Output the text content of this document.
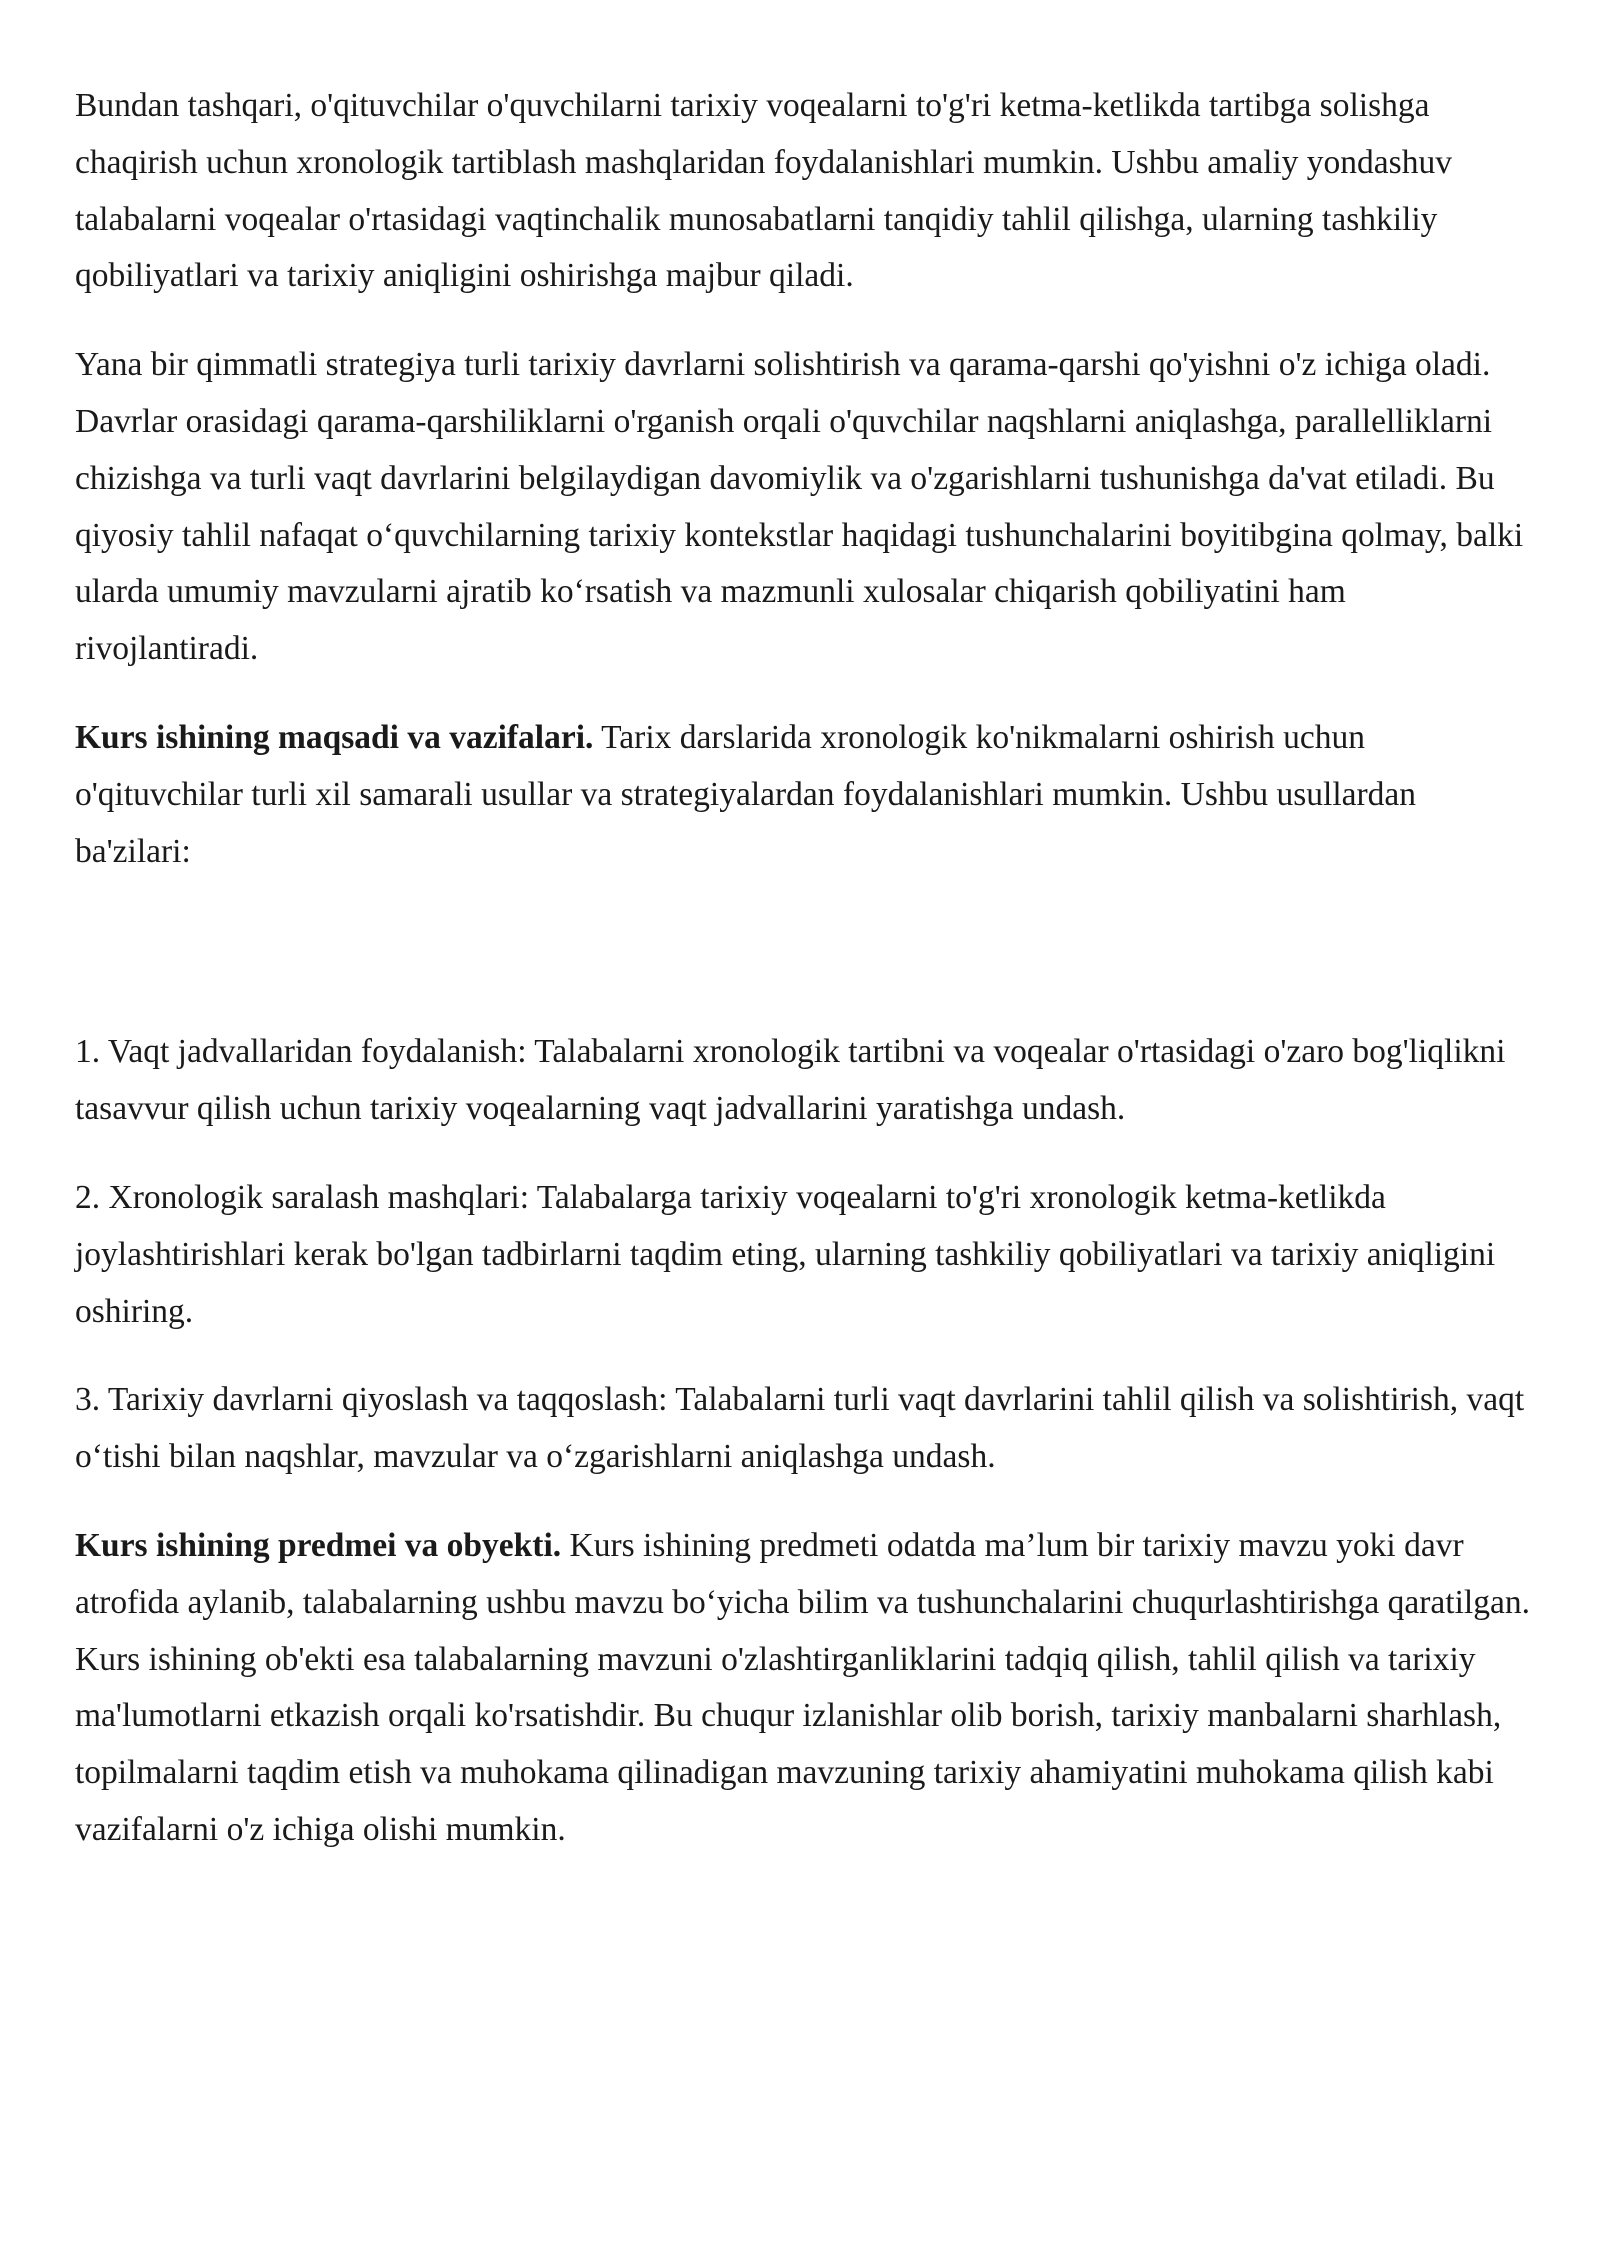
Bundan tashqari, o'qituvchilar o'quvchilarni tarixiy voqealarni to'g'ri ketma-ketlikda tartibga solishga chaqirish uchun xronologik tartiblash mashqlaridan foydalanishlari mumkin. Ushbu amaliy yondashuv talabalarni voqealar o'rtasidagi vaqtinchalik munosabatlarni tanqidiy tahlil qilishga, ularning tashkiliy qobiliyatlari va tarixiy aniqligini oshirishga majbur qiladi.

Yana bir qimmatli strategiya turli tarixiy davrlarni solishtirish va qarama-qarshi qo'yishni o'z ichiga oladi. Davrlar orasidagi qarama-qarshiliklarni o'rganish orqali o'quvchilar naqshlarni aniqlashga, parallelliklarni chizishga va turli vaqt davrlarini belgilaydigan davomiylik va o'zgarishlarni tushunishga da'vat etiladi. Bu qiyosiy tahlil nafaqat o‘quvchilarning tarixiy kontekstlar haqidagi tushunchalarini boyitibgina qolmay, balki ularda umumiy mavzularni ajratib ko‘rsatish va mazmunli xulosalar chiqarish qobiliyatini ham rivojlantiradi.

Kurs ishining maqsadi va vazifalari. Tarix darslarida xronologik ko'nikmalarni oshirish uchun o'qituvchilar turli xil samarali usullar va strategiyalardan foydalanishlari mumkin. Ushbu usullardan ba'zilari:

1. Vaqt jadvallaridan foydalanish: Talabalarni xronologik tartibni va voqealar o'rtasidagi o'zaro bog'liqlikni tasavvur qilish uchun tarixiy voqealarning vaqt jadvallarini yaratishga undash.

2. Xronologik saralash mashqlari: Talabalarga tarixiy voqealarni to'g'ri xronologik ketma-ketlikda joylashtirishlari kerak bo'lgan tadbirlarni taqdim eting, ularning tashkiliy qobiliyatlari va tarixiy aniqligini oshiring.

3. Tarixiy davrlarni qiyoslash va taqqoslash: Talabalarni turli vaqt davrlarini tahlil qilish va solishtirish, vaqt o‘tishi bilan naqshlar, mavzular va o‘zgarishlarni aniqlashga undash.

Kurs ishining predmei va obyekti. Kurs ishining predmeti odatda ma’lum bir tarixiy mavzu yoki davr atrofida aylanib, talabalarning ushbu mavzu bo‘yicha bilim va tushunchalarini chuqurlashtirishga qaratilgan. Kurs ishining ob'ekti esa talabalarning mavzuni o'zlashtirganliklarini tadqiq qilish, tahlil qilish va tarixiy ma'lumotlarni etkazish orqali ko'rsatishdir. Bu chuqur izlanishlar olib borish, tarixiy manbalarni sharhlash, topilmalarni taqdim etish va muhokama qilinadigan mavzuning tarixiy ahamiyatini muhokama qilish kabi vazifalarni o'z ichiga olishi mumkin.
